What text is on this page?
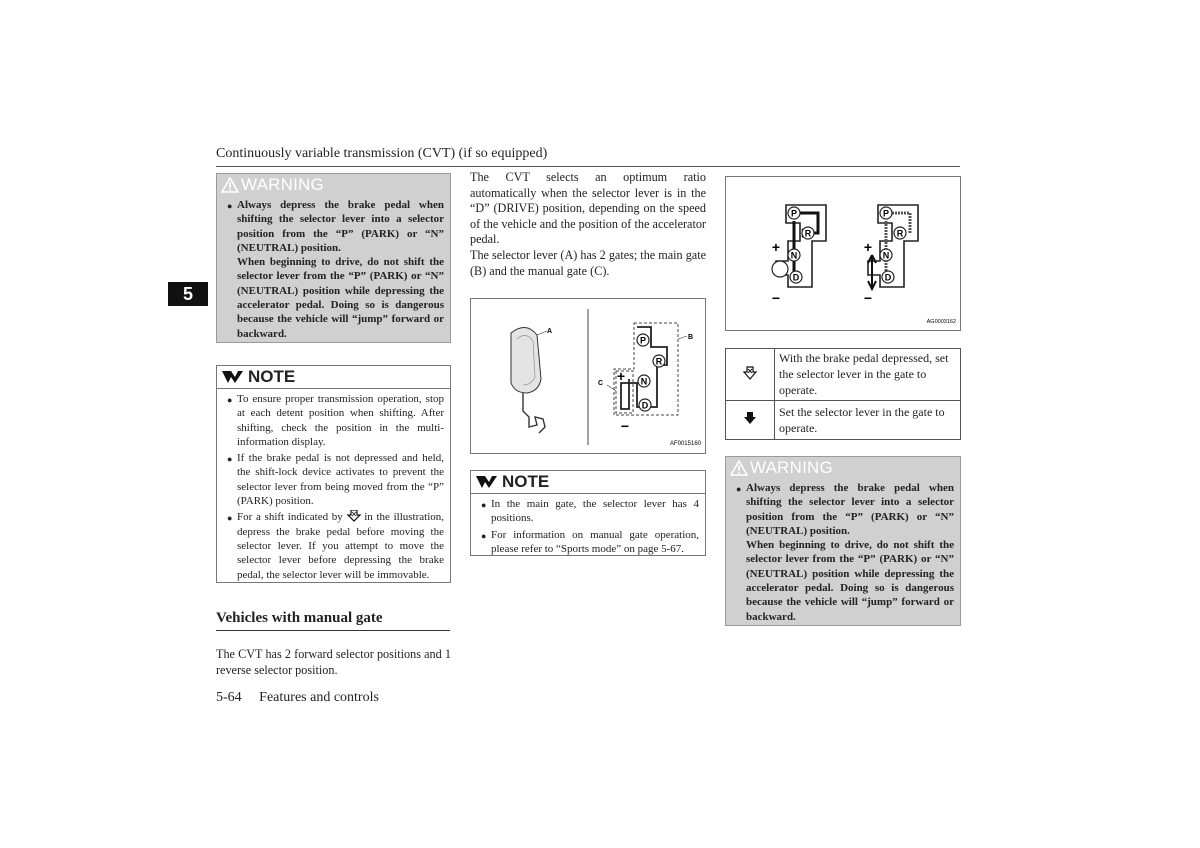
Continuously variable transmission (CVT) (if so equipped)
5
WARNING
● Always depress the brake pedal when shifting the selector lever into a selector position from the “P” (PARK) or “N” (NEUTRAL) position.

When beginning to drive, do not shift the selector lever from the “P” (PARK) or “N” (NEUTRAL) position while depressing the accelerator pedal. Doing so is dangerous because the vehicle will “jump” forward or backward.

NOTE
● To ensure proper transmission operation, stop at each detent position when shifting. After shifting, check the position in the multi-information display.
● If the brake pedal is not depressed and held, the shift-lock device activates to prevent the selector lever from being moved from the “P” (PARK) position.
● For a shift indicated by in the illustration, depress the brake pedal before moving the selector lever. If you attempt to move the selector lever before depressing the brake pedal, the selector lever will be immovable.
Vehicles with manual gate
The CVT has 2 forward selector positions and 1 reverse selector position.
5-64 Features and controls
The CVT selects an optimum ratio automatically when the selector lever is in the “D” (DRIVE) position, depending on the speed of the vehicle and the position of the accelerator pedal.
The selector lever (A) has 2 gates; the main gate (B) and the manual gate (C).
A
P
R
N
D
+
−
B
C
AF0015160
NOTE
● In the main gate, the selector lever has 4 positions.
● For information on manual gate operation, please refer to “Sports mode” on page 5-67.
P
R
N
D
+
−
P
R
N
D
+
−
AG0003162
	With the brake pedal depressed, set the selector lever in the gate to operate.
	Set the selector lever in the gate to operate.
WARNING
● Always depress the brake pedal when shifting the selector lever into a selector position from the “P” (PARK) or “N” (NEUTRAL) position.

When beginning to drive, do not shift the selector lever from the “P” (PARK) or “N” (NEUTRAL) position while depressing the accelerator pedal. Doing so is dangerous because the vehicle will “jump” forward or backward.
